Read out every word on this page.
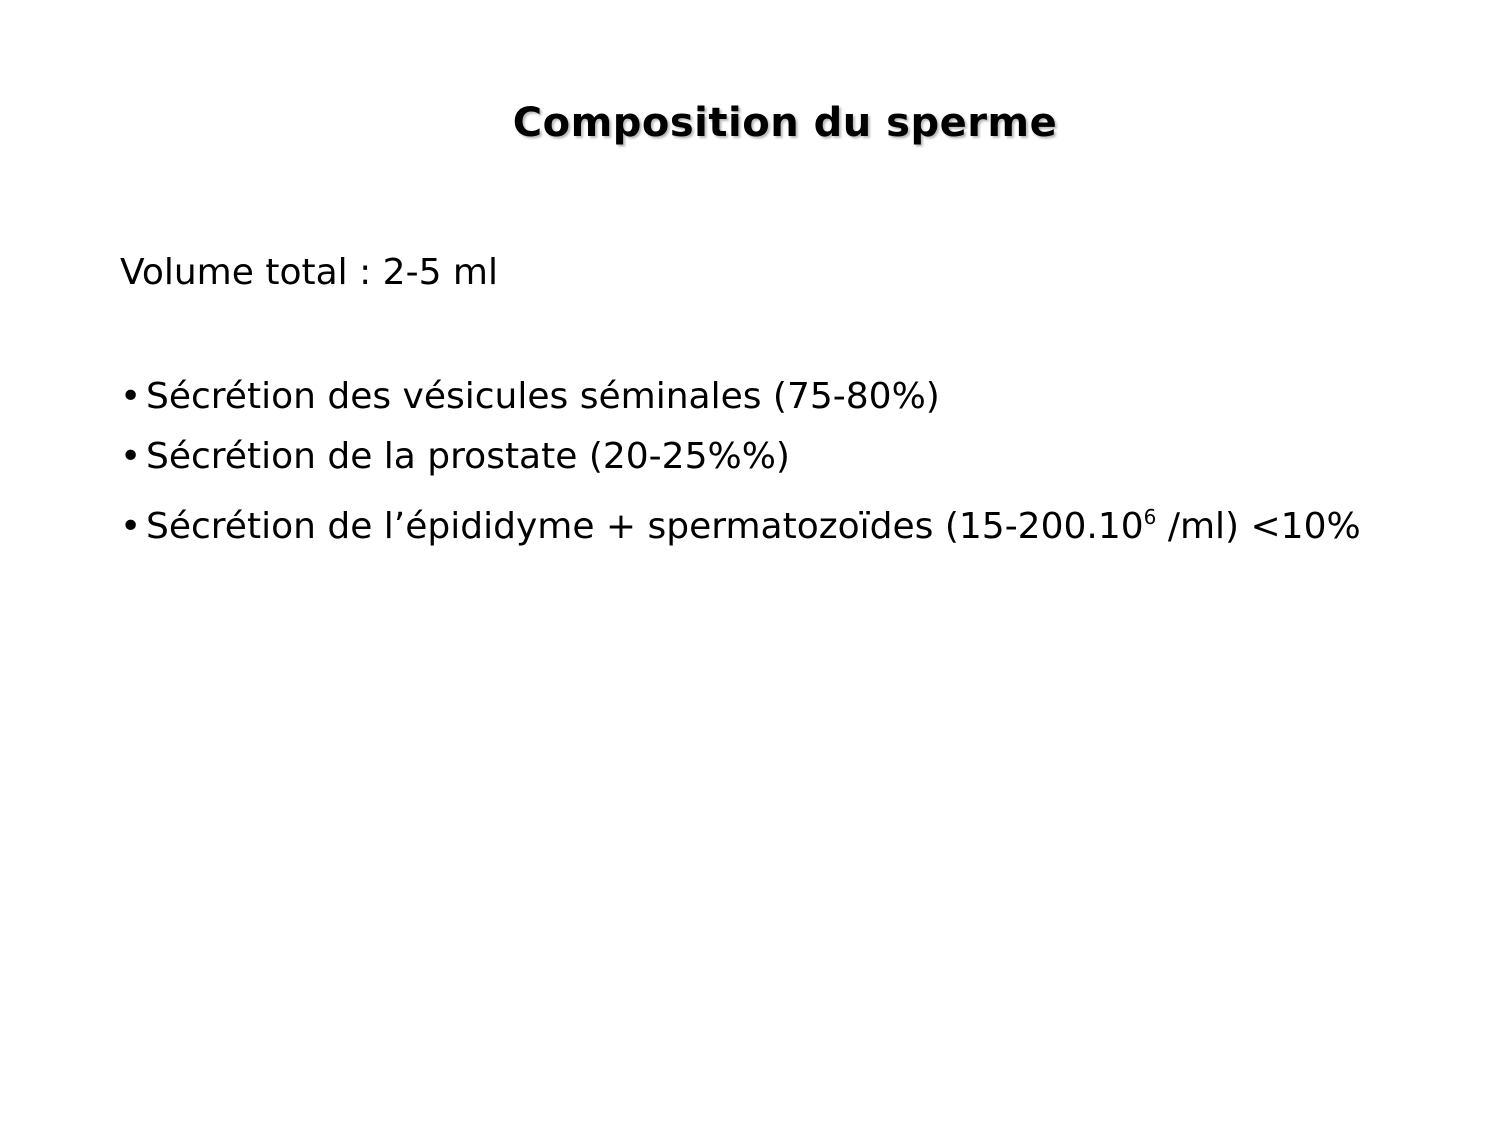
Composition du sperme

Volume total : 2-5 ml

• Sécrétion des vésicules séminales (75-80%)
• Sécrétion de la prostate (20-25%%)
• Sécrétion de l’épididyme + spermatozoïdes (15-200.10$^6$ /ml) <10%
